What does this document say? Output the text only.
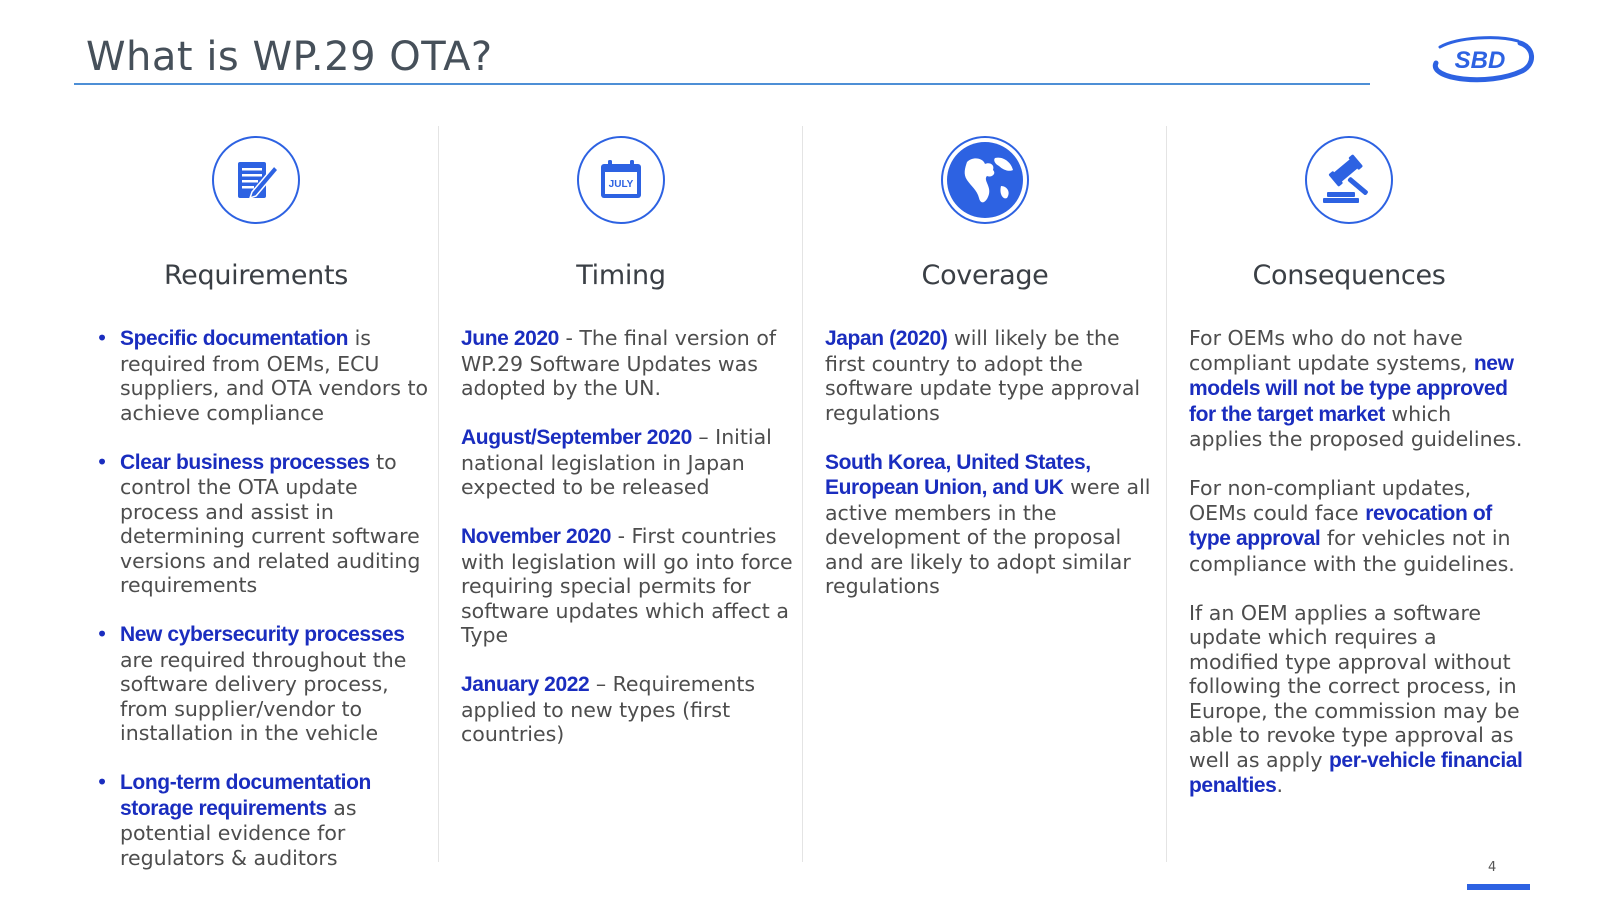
What is WP.29 OTA?	SBD
Requirements
• Specific documentation is required from OEMs, ECU suppliers, and OTA vendors to achieve compliance
• Clear business processes to control the OTA update process and assist in determining current software versions and related auditing requirements
• New cybersecurity processes are required throughout the software delivery process, from supplier/vendor to installation in the vehicle
• Long-term documentation storage requirements as potential evidence for regulators & auditors
JULY
Timing

June 2020 - The final version of WP.29 Software Updates was adopted by the UN.

August/September 2020 – Initial national legislation in Japan expected to be released

November 2020 - First countries with legislation will go into force requiring special permits for software updates which affect a Type

January 2022 – Requirements applied to new types (first countries)

Coverage

Japan (2020) will likely be the first country to adopt the software update type approval regulations

South Korea, United States, European Union, and UK were all active members in the development of the proposal and are likely to adopt similar regulations

Consequences

For OEMs who do not have compliant update systems, new models will not be type approved for the target market which applies the proposed guidelines.

For non-compliant updates, OEMs could face revocation of type approval for vehicles not in compliance with the guidelines.

If an OEM applies a software update which requires a modified type approval without following the correct process, in Europe, the commission may be able to revoke type approval as well as apply per-vehicle financial penalties.

4
